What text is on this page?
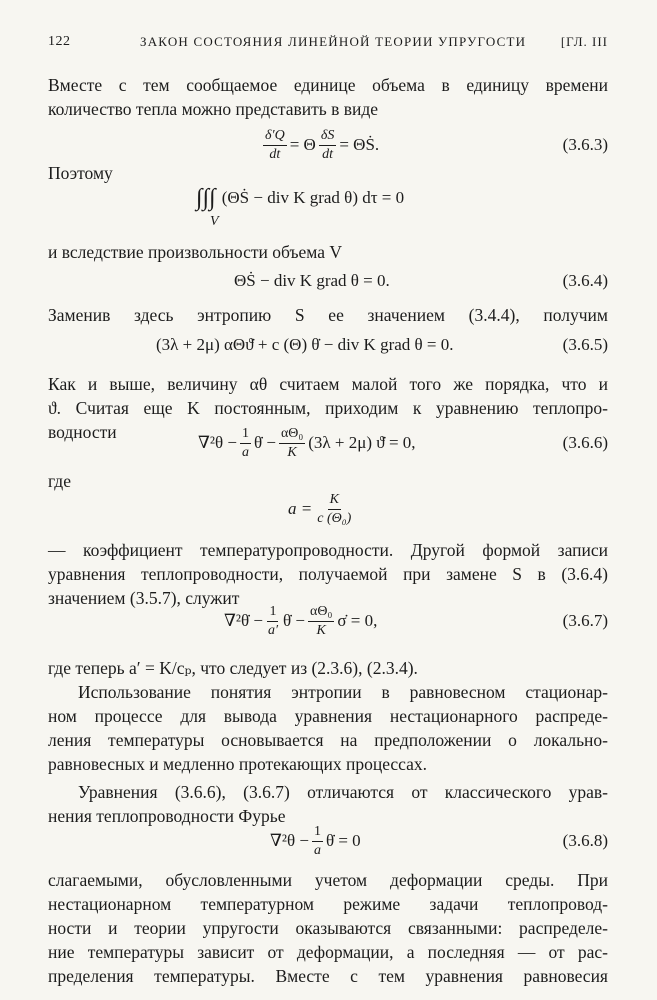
122	ЗАКОН СОСТОЯНИЯ ЛИНЕЙНОЙ ТЕОРИИ УПРУГОСТИ	[ГЛ. III
Вместе с тем сообщаемое единице объема в единицу времени
количество тепла можно представить в виде
$\frac{\delta'Q}{dt} = \Theta \frac{\delta S}{dt}$ = ΘṠ.	(3.6.3)
Поэтому
∫∫∫ (ΘṠ − div K grad θ) dτ = 0
V
и вследствие произвольности объема V
ΘṠ − div K grad θ = 0.	(3.6.4)
Заменив здесь энтропию S ее значением (3.4.4), получим
(3λ + 2μ) αΘϑ̇ + c (Θ) θ̇ − div K grad θ = 0.	(3.6.5)
Как и выше, величину αθ считаем малой того же порядка, что и
ϑ. Считая еще K постоянным, приходим к уравнению теплопро-
водности
$\nabla^2\theta - \frac{1}{a}$ θ̇ − $\frac{\text{αΘ₀}}{K} (3\lambda + 2\mu)$ ϑ̇ = 0,	(3.6.6)
где
$a = \frac{K}{\text{c (Θ₀)}}$
— коэффициент температуропроводности. Другой формой записи
уравнения теплопроводности, получаемой при замене S в (3.6.4)
значением (3.5.7), служит
∇²θ̇ − $\frac{1}{a'}$ θ̇ − $\frac{\text{αΘ₀}}{K}$ σ̇ = 0,	(3.6.7)
где теперь a′ = K/cₚ, что следует из (2.3.6), (2.3.4).
Использование понятия энтропии в равновесном стационар-
ном процессе для вывода уравнения нестационарного распреде-
ления температуры основывается на предположении о локально-
равновесных и медленно протекающих процессах.
Уравнения (3.6.6), (3.6.7) отличаются от классического урав-
нения теплопроводности Фурье
$\nabla^2\theta - \frac{1}{a}$ θ̇ = 0	(3.6.8)
слагаемыми, обусловленными учетом деформации среды. При
нестационарном температурном режиме задачи теплопровод-
ности и теории упругости оказываются связанными: распределе-
ние температуры зависит от деформации, а последняя — от рас-
пределения температуры. Вместе с тем уравнения равновесия
